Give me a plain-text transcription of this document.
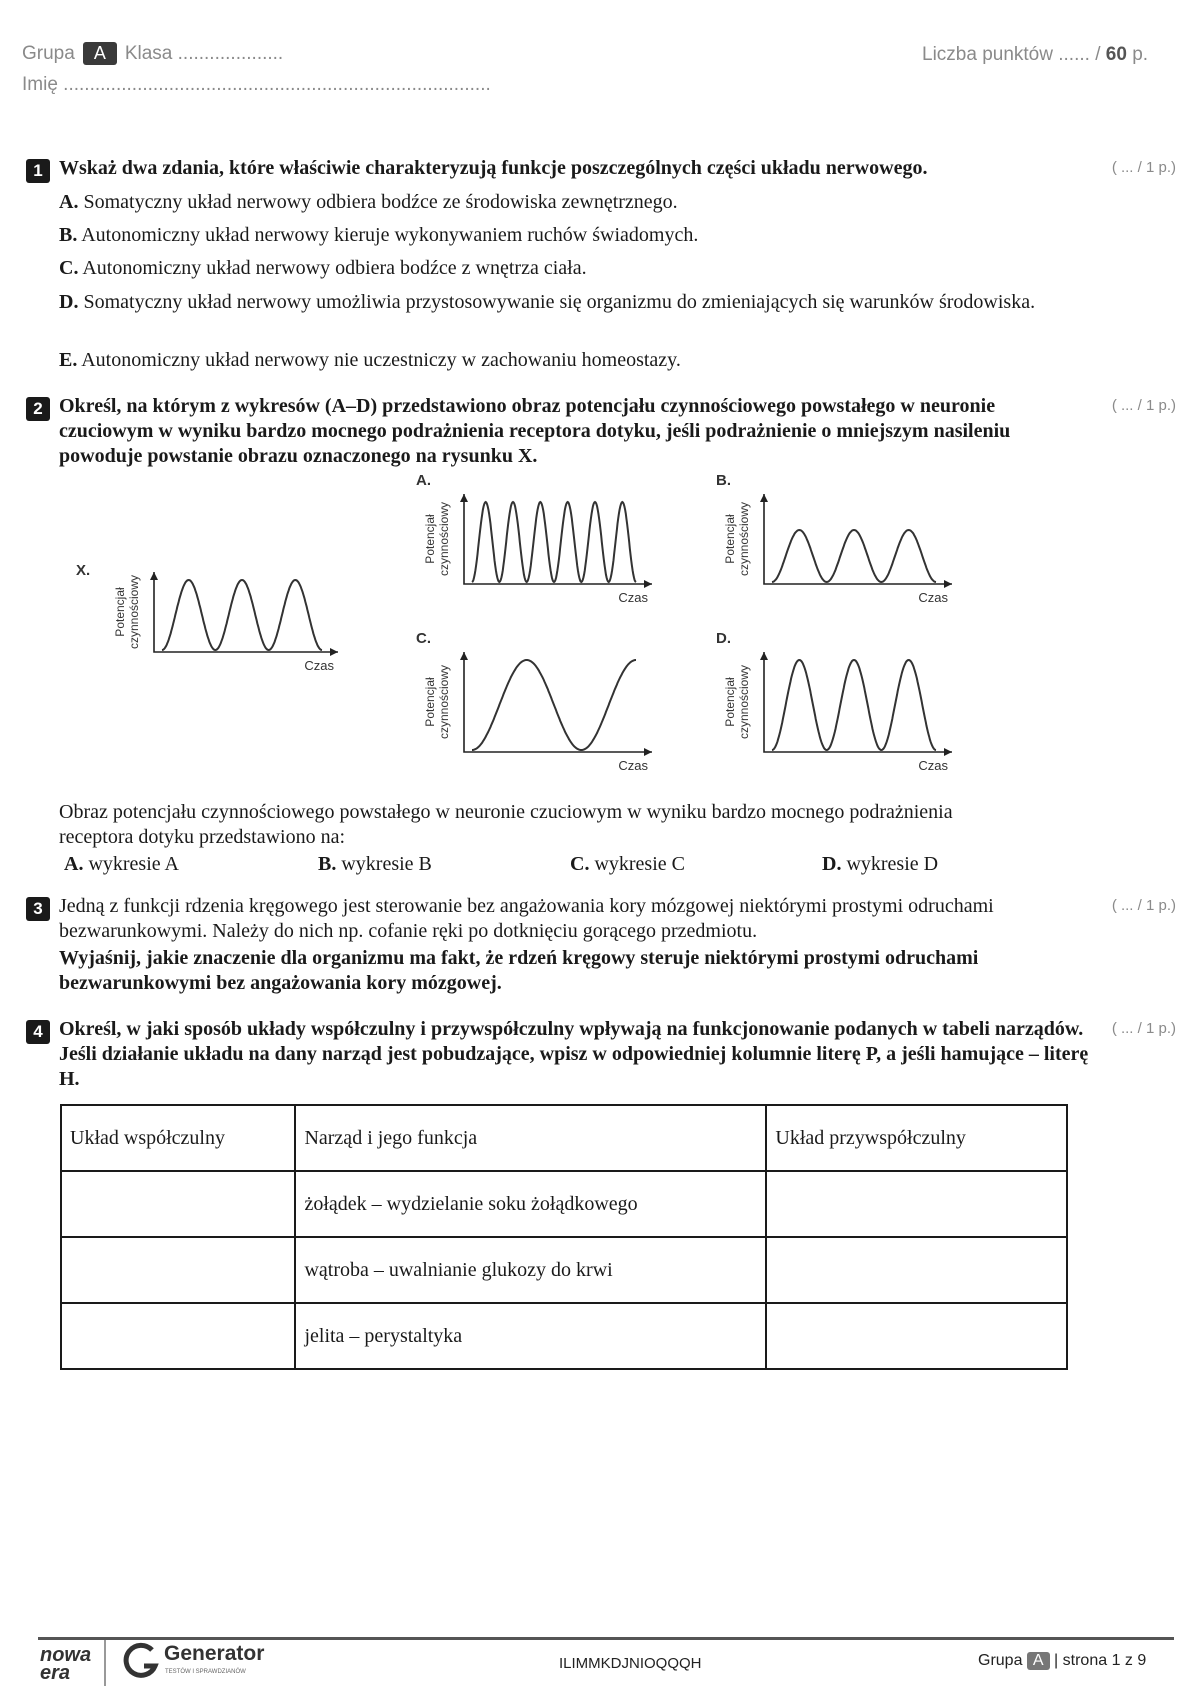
Grupa A Klasa ....................
Imię .................................................................................
Liczba punktów ...... / 60 p.
1 Wskaż dwa zdania, które właściwie charakteryzują funkcje poszczególnych części układu nerwowego.	( ... / 1 p.)
A. Somatyczny układ nerwowy odbiera bodźce ze środowiska zewnętrznego.
B. Autonomiczny układ nerwowy kieruje wykonywaniem ruchów świadomych.
C. Autonomiczny układ nerwowy odbiera bodźce z wnętrza ciała.
D. Somatyczny układ nerwowy umożliwia przystosowywanie się organizmu do zmieniających się warunków środowiska.
E. Autonomiczny układ nerwowy nie uczestniczy w zachowaniu homeostazy.
2 Określ, na którym z wykresów (A–D) przedstawiono obraz potencjału czynnościowego powstałego w neuronie czuciowym w wyniku bardzo mocnego podrażnienia receptora dotyku, jeśli podrażnienie o mniejszym nasileniu powoduje powstanie obrazu oznaczonego na rysunku X.
( ... / 1 p.)
X.
Czas
Potencjałczynnościowy
A.
Czas
Potencjałczynnościowy
B.
Czas
Potencjałczynnościowy
C.
Czas
Potencjałczynnościowy
D.
Czas
Potencjałczynnościowy
Obraz potencjału czynnościowego powstałego w neuronie czuciowym w wyniku bardzo mocnego podrażnienia receptora dotyku przedstawiono na:
A. wykresie A	B. wykresie B	C. wykresie C	D. wykresie D
3 Jedną z funkcji rdzenia kręgowego jest sterowanie bez angażowania kory mózgowej niektórymi prostymi odruchami bezwarunkowymi. Należy do nich np. cofanie ręki po dotknięciu gorącego przedmiotu.
Wyjaśnij, jakie znaczenie dla organizmu ma fakt, że rdzeń kręgowy steruje niektórymi prostymi odruchami bezwarunkowymi bez angażowania kory mózgowej.
( ... / 1 p.)
4 Określ, w jaki sposób układy współczulny i przywspółczulny wpływają na funkcjonowanie podanych w tabeli narządów. Jeśli działanie układu na dany narząd jest pobudzające, wpisz w odpowiedniej kolumnie literę P, a jeśli hamujące – literę H.
( ... / 1 p.)
Układ współczulny	Narząd i jego funkcja	Układ przywspółczulny
	żołądek – wydzielanie soku żołądkowego	
	wątroba – uwalnianie glukozy do krwi	
	jelita – perystaltyka	
nowa era
Generator
TESTÓW I SPRAWDZIANÓW	ILIMMKDJNIOQQQH	Grupa A | strona 1 z 9
